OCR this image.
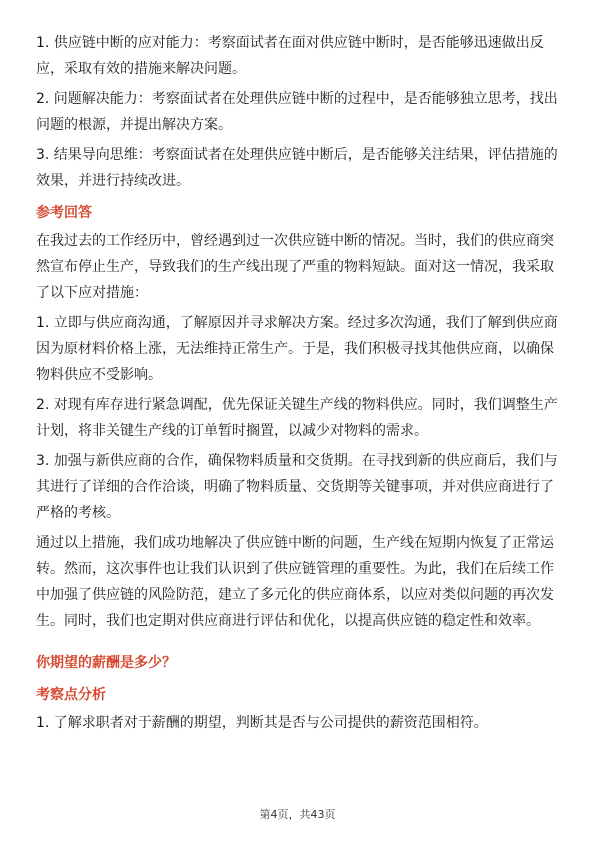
1. 供应链中断的应对能力：考察面试者在面对供应链中断时，是否能够迅速做出反应，采取有效的措施来解决问题。

2. 问题解决能力：考察面试者在处理供应链中断的过程中，是否能够独立思考，找出问题的根源，并提出解决方案。

3. 结果导向思维：考察面试者在处理供应链中断后，是否能够关注结果，评估措施的效果，并进行持续改进。

参考回答

在我过去的工作经历中，曾经遇到过一次供应链中断的情况。当时，我们的供应商突然宣布停止生产，导致我们的生产线出现了严重的物料短缺。面对这一情况，我采取了以下应对措施：

1. 立即与供应商沟通，了解原因并寻求解决方案。经过多次沟通，我们了解到供应商因为原材料价格上涨，无法维持正常生产。于是，我们积极寻找其他供应商，以确保物料供应不受影响。

2. 对现有库存进行紧急调配，优先保证关键生产线的物料供应。同时，我们调整生产计划，将非关键生产线的订单暂时搁置，以减少对物料的需求。

3. 加强与新供应商的合作，确保物料质量和交货期。在寻找到新的供应商后，我们与其进行了详细的合作洽谈，明确了物料质量、交货期等关键事项，并对供应商进行了严格的考核。

通过以上措施，我们成功地解决了供应链中断的问题，生产线在短期内恢复了正常运转。然而，这次事件也让我们认识到了供应链管理的重要性。为此，我们在后续工作中加强了供应链的风险防范，建立了多元化的供应商体系，以应对类似问题的再次发生。同时，我们也定期对供应商进行评估和优化，以提高供应链的稳定性和效率。

你期望的薪酬是多少？

考察点分析

1. 了解求职者对于薪酬的期望，判断其是否与公司提供的薪资范围相符。

第4页，共43页
